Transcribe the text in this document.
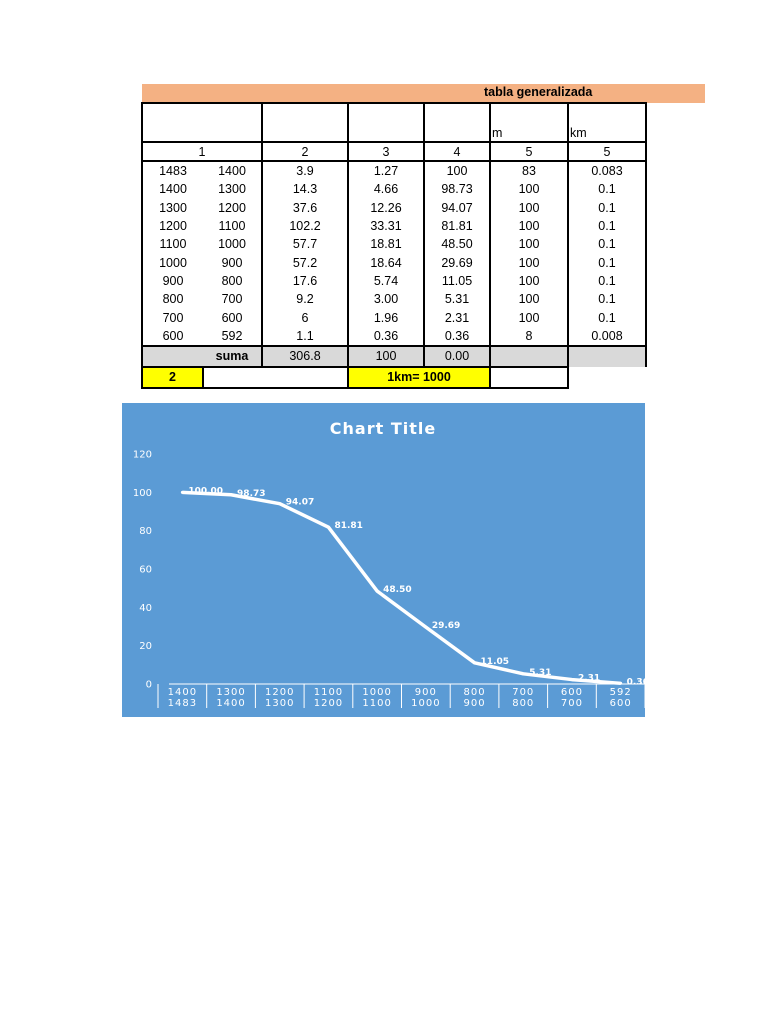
tabla generalizada
					m	km
1		2	3	4	5	5
1483	1400	3.9	1.27	100	83	0.083
1400	1300	14.3	4.66	98.73	100	0.1
1300	1200	37.6	12.26	94.07	100	0.1
1200	1100	102.2	33.31	81.81	100	0.1
1100	1000	57.7	18.81	48.50	100	0.1
1000	900	57.2	18.64	29.69	100	0.1
900	800	17.6	5.74	11.05	100	0.1
800	700	9.2	3.00	5.31	100	0.1
700	600	6	1.96	2.31	100	0.1
600	592	1.1	0.36	0.36	8	0.008
	suma	306.8	100	0.00		
2			1km= 1000			
0
20
40
60
80
100
120
1400
1483
1300
1400
1200
1300
1100
1200
1000
1100
900
1000
800
900
700
800
600
700
592
600
100.00 98.73
94.07
81.81
48.50
29.69
11.05
5.31
2.31	0.36
Chart Title
